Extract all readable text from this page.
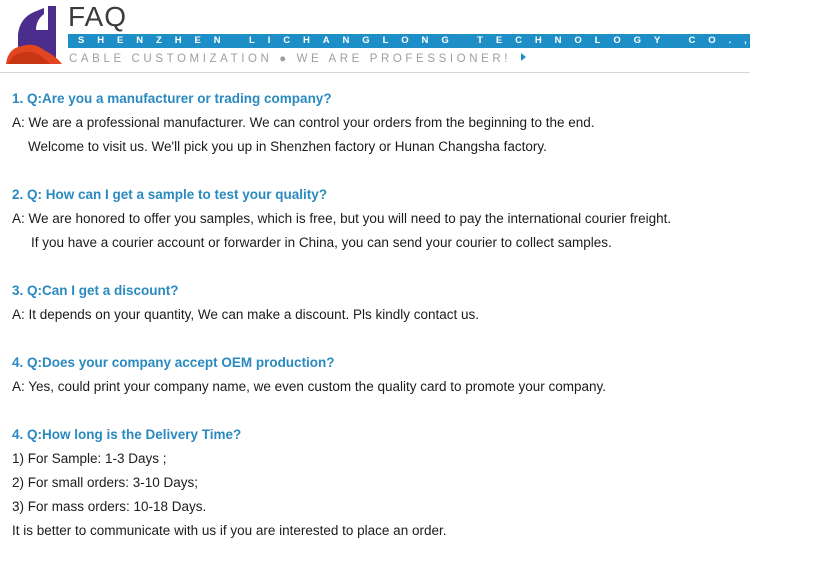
FAQ
SHENZHEN LICHANGLONG TECHNOLOGY CO.,LTD.
CABLE CUSTOMIZATION ● WE ARE PROFESSIONER!
1. Q:Are you a manufacturer or trading company?
A: We are a professional manufacturer. We can control your orders from the beginning to the end.
Welcome to visit us. We'll pick you up in Shenzhen factory or Hunan Changsha factory.
2. Q: How can I get a sample to test your quality?
A: We are honored to offer you samples, which is free, but you will need to pay the international courier freight.
If you have a courier account or forwarder in China, you can send your courier to collect samples.
3. Q:Can I get a discount?
A: It depends on your quantity, We can make a discount. Pls kindly contact us.
4. Q:Does your company accept OEM production?
A: Yes, could print your company name, we even custom the quality card to promote your company.
4. Q:How long is the Delivery Time?
1) For Sample: 1-3 Days ;
2) For small orders: 3-10 Days;
3) For mass orders: 10-18 Days.
It is better to communicate with us if you are interested to place an order.
